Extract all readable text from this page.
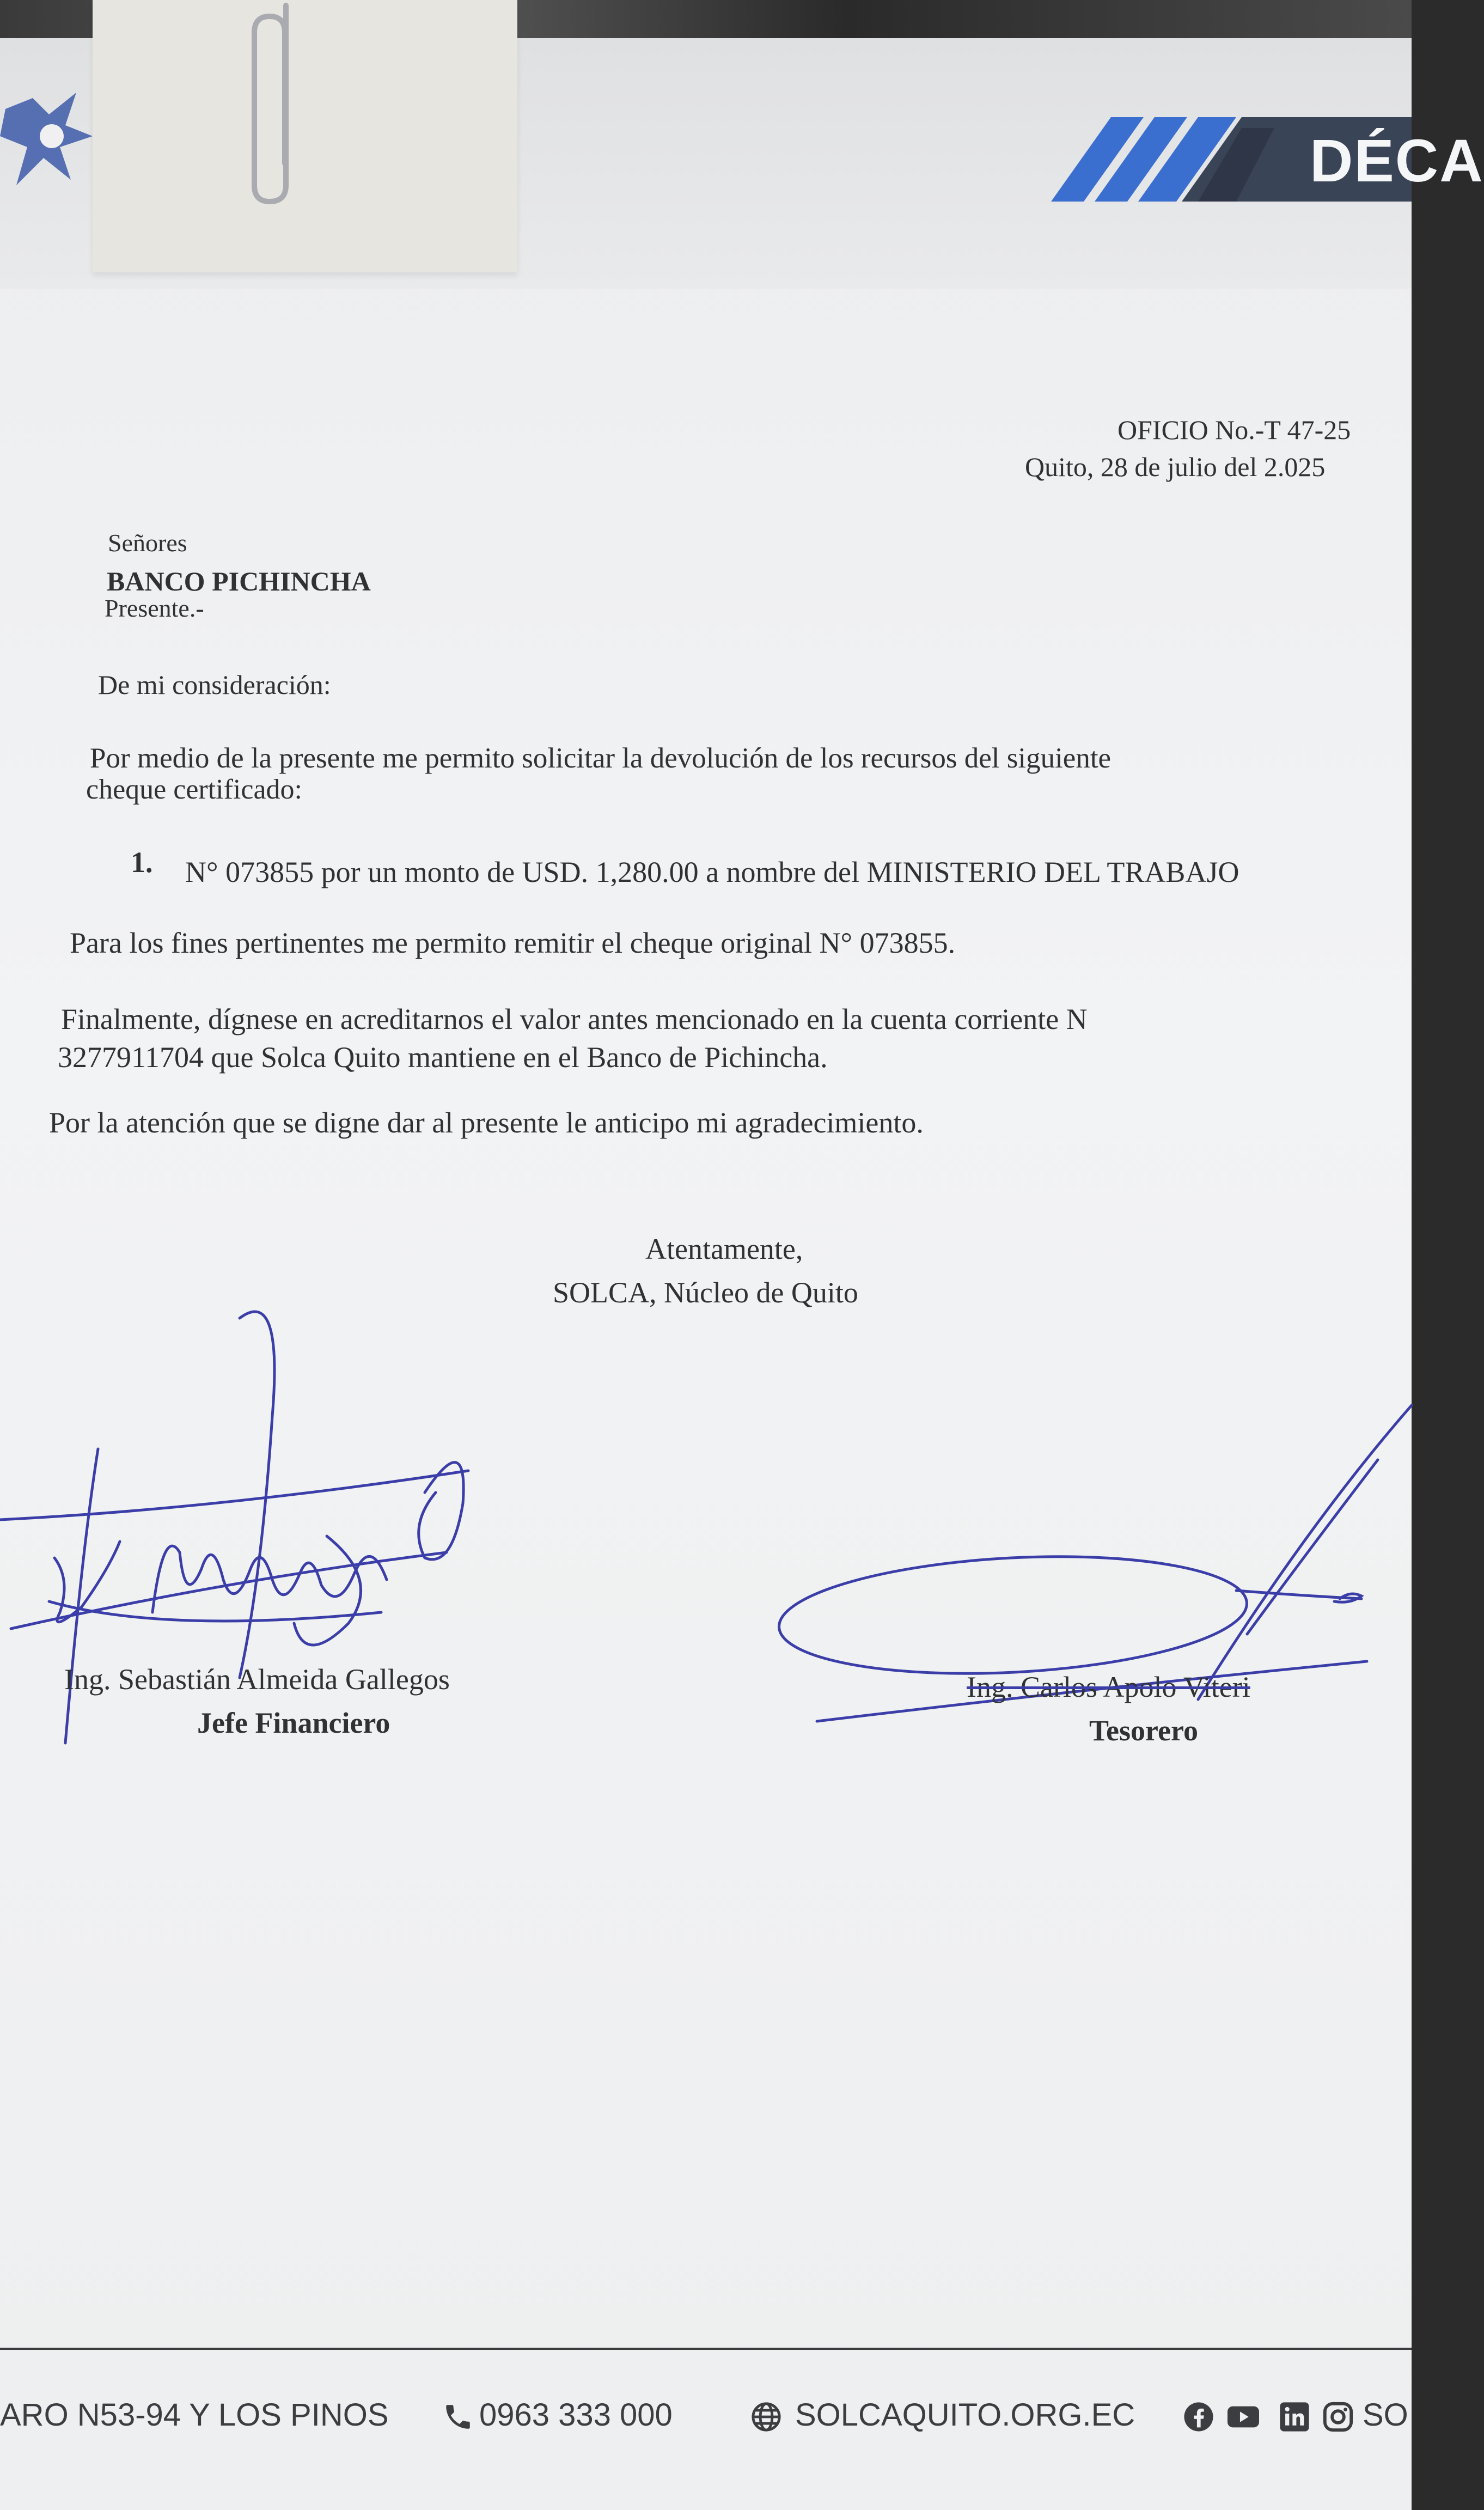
DÉCA
OFICIO No.-T 47-25
Quito, 28 de julio del 2.025
Señores
BANCO PICHINCHA
Presente.-
De mi consideración:
Por medio de la presente me permito solicitar la devolución de los recursos del siguiente
cheque certificado:
1. N° 073855 por un monto de USD. 1,280.00 a nombre del MINISTERIO DEL TRABAJO
Para los fines pertinentes me permito remitir el cheque original N° 073855.
Finalmente, dígnese en acreditarnos el valor antes mencionado en la cuenta corriente N
3277911704 que Solca Quito mantiene en el Banco de Pichincha.
Por la atención que se digne dar al presente le anticipo mi agradecimiento.
Atentamente,
SOLCA, Núcleo de Quito
Ing. Sebastián Almeida Gallegos
Jefe Financiero
Ing. Carlos Apolo Viteri
Tesorero
ARO N53-94 Y LOS PINOS	0963 333 000	SOLCAQUITO.ORG.EC	SO
